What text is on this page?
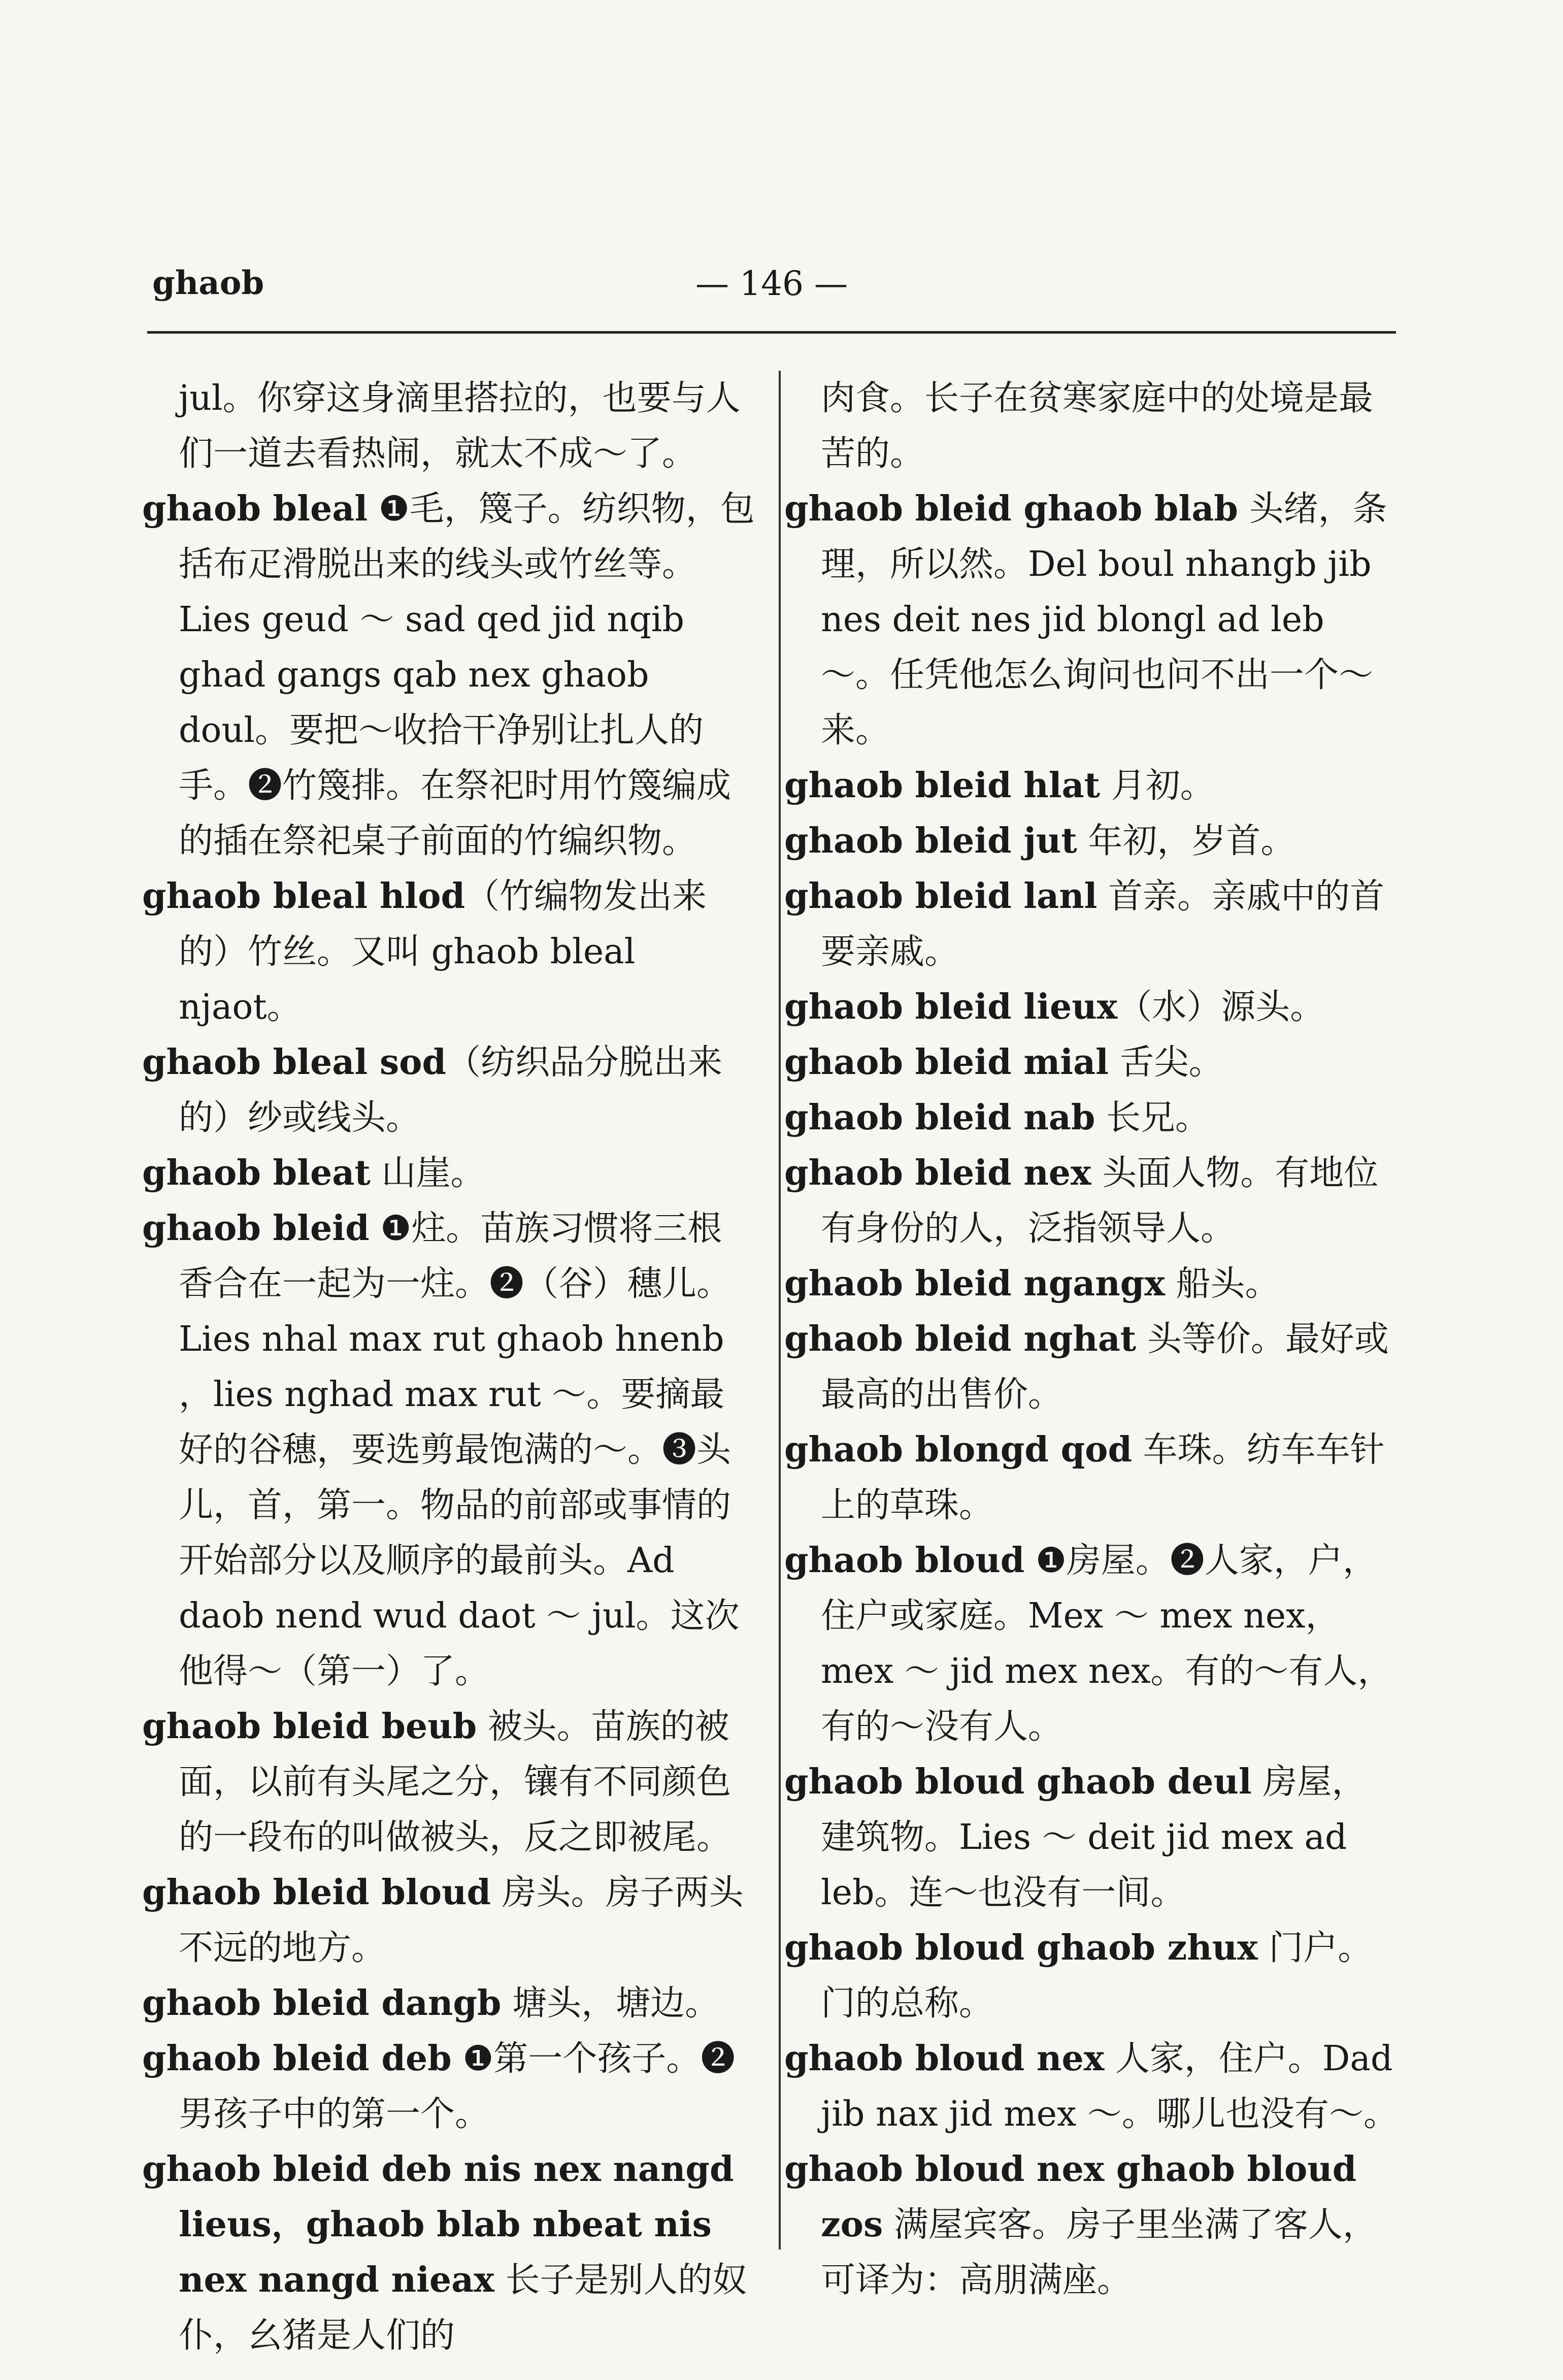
ghaob	— 146 —

jul。你穿这身滴里搭拉的，也要与人们一道去看热闹，就太不成～了。

ghaob bleal ❶毛，篾子。纺织物，包括布疋滑脱出来的线头或竹丝等。Lies geud ～ sad qed jid nqib ghad gangs qab nex ghaob doul。要把～收拾干净别让扎人的手。❷竹篾排。在祭祀时用竹篾编成的插在祭祀桌子前面的竹编织物。

ghaob bleal hlod（竹编物发出来的）竹丝。又叫 ghaob bleal njaot。

ghaob bleal sod（纺织品分脱出来的）纱或线头。

ghaob bleat 山崖。

ghaob bleid ❶炷。苗族习惯将三根香合在一起为一炷。❷（谷）穗儿。Lies nhal max rut ghaob hnenb ，lies nghad max rut ～。要摘最好的谷穗，要选剪最饱满的～。❸头儿，首，第一。物品的前部或事情的开始部分以及顺序的最前头。Ad daob nend wud daot ～ jul。这次他得～（第一）了。

ghaob bleid beub 被头。苗族的被面，以前有头尾之分，镶有不同颜色的一段布的叫做被头，反之即被尾。

ghaob bleid bloud 房头。房子两头不远的地方。

ghaob bleid dangb 塘头，塘边。

ghaob bleid deb ❶第一个孩子。❷男孩子中的第一个。

ghaob bleid deb nis nex nangd lieus，ghaob blab nbeat nis nex nangd nieax 长子是别人的奴仆，幺猪是人们的

肉食。长子在贫寒家庭中的处境是最苦的。

ghaob bleid ghaob blab 头绪，条理，所以然。Del boul nhangb jib nes deit nes jid blongl ad leb ～。任凭他怎么询问也问不出一个～来。

ghaob bleid hlat 月初。

ghaob bleid jut 年初，岁首。

ghaob bleid lanl 首亲。亲戚中的首要亲戚。

ghaob bleid lieux（水）源头。

ghaob bleid mial 舌尖。

ghaob bleid nab 长兄。

ghaob bleid nex 头面人物。有地位有身份的人，泛指领导人。

ghaob bleid ngangx 船头。

ghaob bleid nghat 头等价。最好或最高的出售价。

ghaob blongd qod 车珠。纺车车针上的草珠。

ghaob bloud ❶房屋。❷人家，户，住户或家庭。Mex ～ mex nex，mex ～ jid mex nex。有的～有人，有的～没有人。

ghaob bloud ghaob deul 房屋，建筑物。Lies ～ deit jid mex ad leb。连～也没有一间。

ghaob bloud ghaob zhux 门户。门的总称。

ghaob bloud nex 人家，住户。Dad jib nax jid mex ～。哪儿也没有～。

ghaob bloud nex ghaob bloud zos 满屋宾客。房子里坐满了客人，可译为：高朋满座。
